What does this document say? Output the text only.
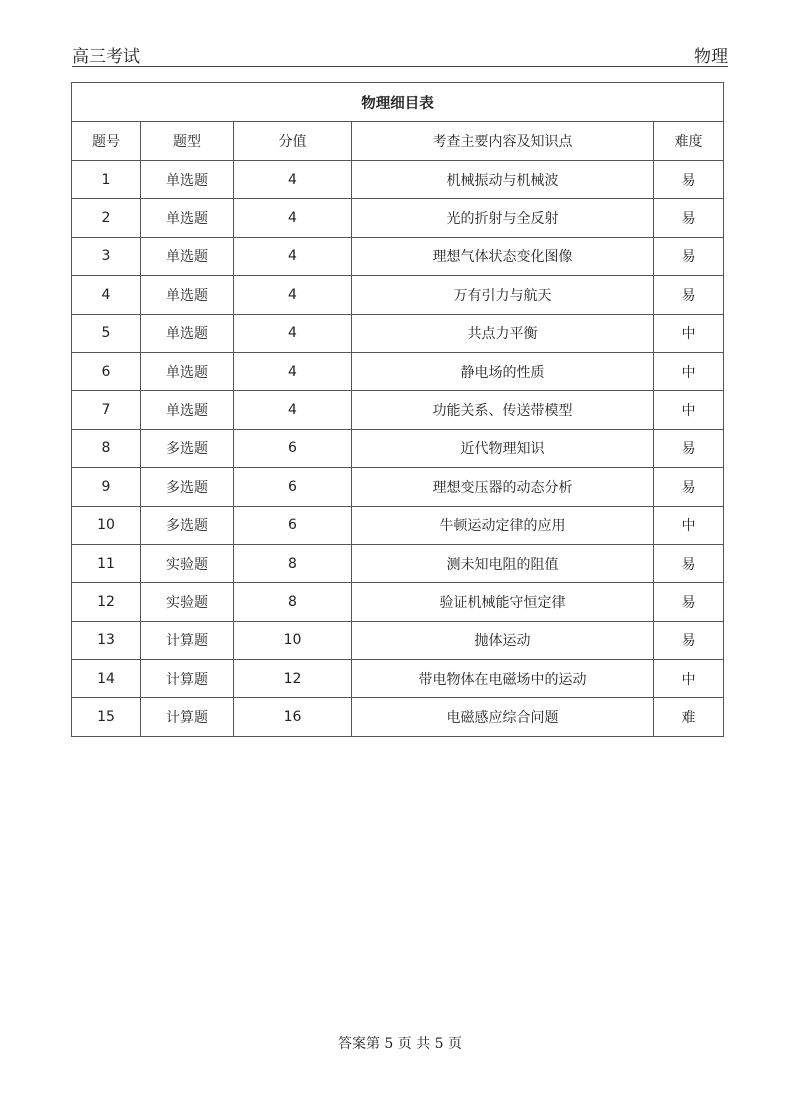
高三考试	物理
物理细目表				
题号	题型	分值	考查主要内容及知识点	难度
1	单选题	4	机械振动与机械波	易
2	单选题	4	光的折射与全反射	易
3	单选题	4	理想气体状态变化图像	易
4	单选题	4	万有引力与航天	易
5	单选题	4	共点力平衡	中
6	单选题	4	静电场的性质	中
7	单选题	4	功能关系、传送带模型	中
8	多选题	6	近代物理知识	易
9	多选题	6	理想变压器的动态分析	易
10	多选题	6	牛顿运动定律的应用	中
11	实验题	8	测未知电阻的阻值	易
12	实验题	8	验证机械能守恒定律	易
13	计算题	10	抛体运动	易
14	计算题	12	带电物体在电磁场中的运动	中
15	计算题	16	电磁感应综合问题	难
答案第 5 页 共 5 页
